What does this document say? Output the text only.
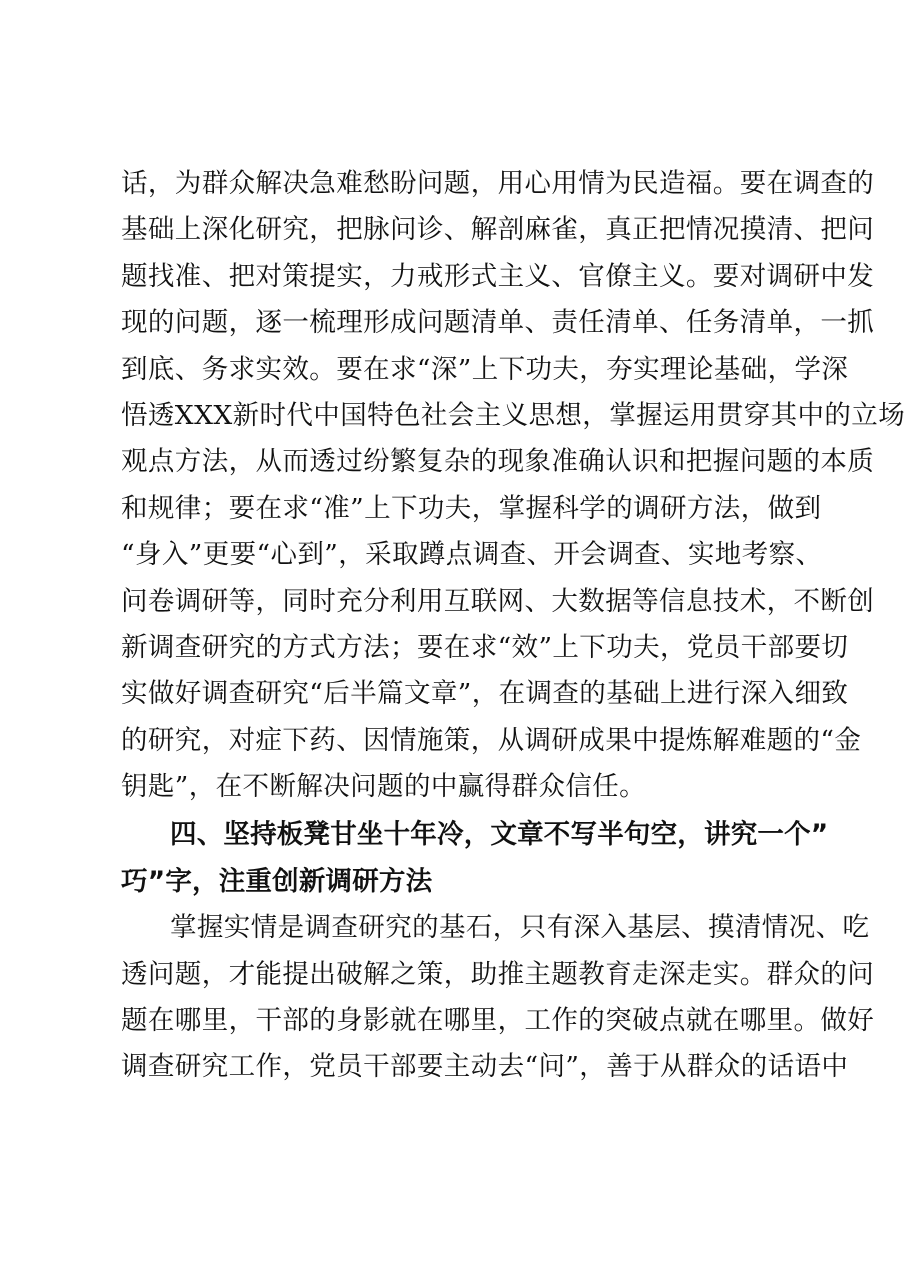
话，为群众解决急难愁盼问题，用心用情为民造福。要在调查的
基础上深化研究，把脉问诊、解剖麻雀，真正把情况摸清、把问
题找准、把对策提实，力戒形式主义、官僚主义。要对调研中发
现的问题，逐一梳理形成问题清单、责任清单、任务清单，一抓
到底、务求实效。要在求“深”上下功夫，夯实理论基础，学深
悟透XXX新时代中国特色社会主义思想，掌握运用贯穿其中的立场
观点方法，从而透过纷繁复杂的现象准确认识和把握问题的本质
和规律；要在求“准”上下功夫，掌握科学的调研方法，做到
“身入”更要“心到”，采取蹲点调查、开会调查、实地考察、
问卷调研等，同时充分利用互联网、大数据等信息技术，不断创
新调查研究的方式方法；要在求“效”上下功夫，党员干部要切
实做好调查研究“后半篇文章”，在调查的基础上进行深入细致
的研究，对症下药、因情施策，从调研成果中提炼解难题的“金
钥匙”，在不断解决问题的中赢得群众信任。
四、坚持板凳甘坐十年冷，文章不写半句空，讲究一个”
巧”字，注重创新调研方法
掌握实情是调查研究的基石，只有深入基层、摸清情况、吃
透问题，才能提出破解之策，助推主题教育走深走实。群众的问
题在哪里，干部的身影就在哪里，工作的突破点就在哪里。做好
调查研究工作，党员干部要主动去“问”，善于从群众的话语中
